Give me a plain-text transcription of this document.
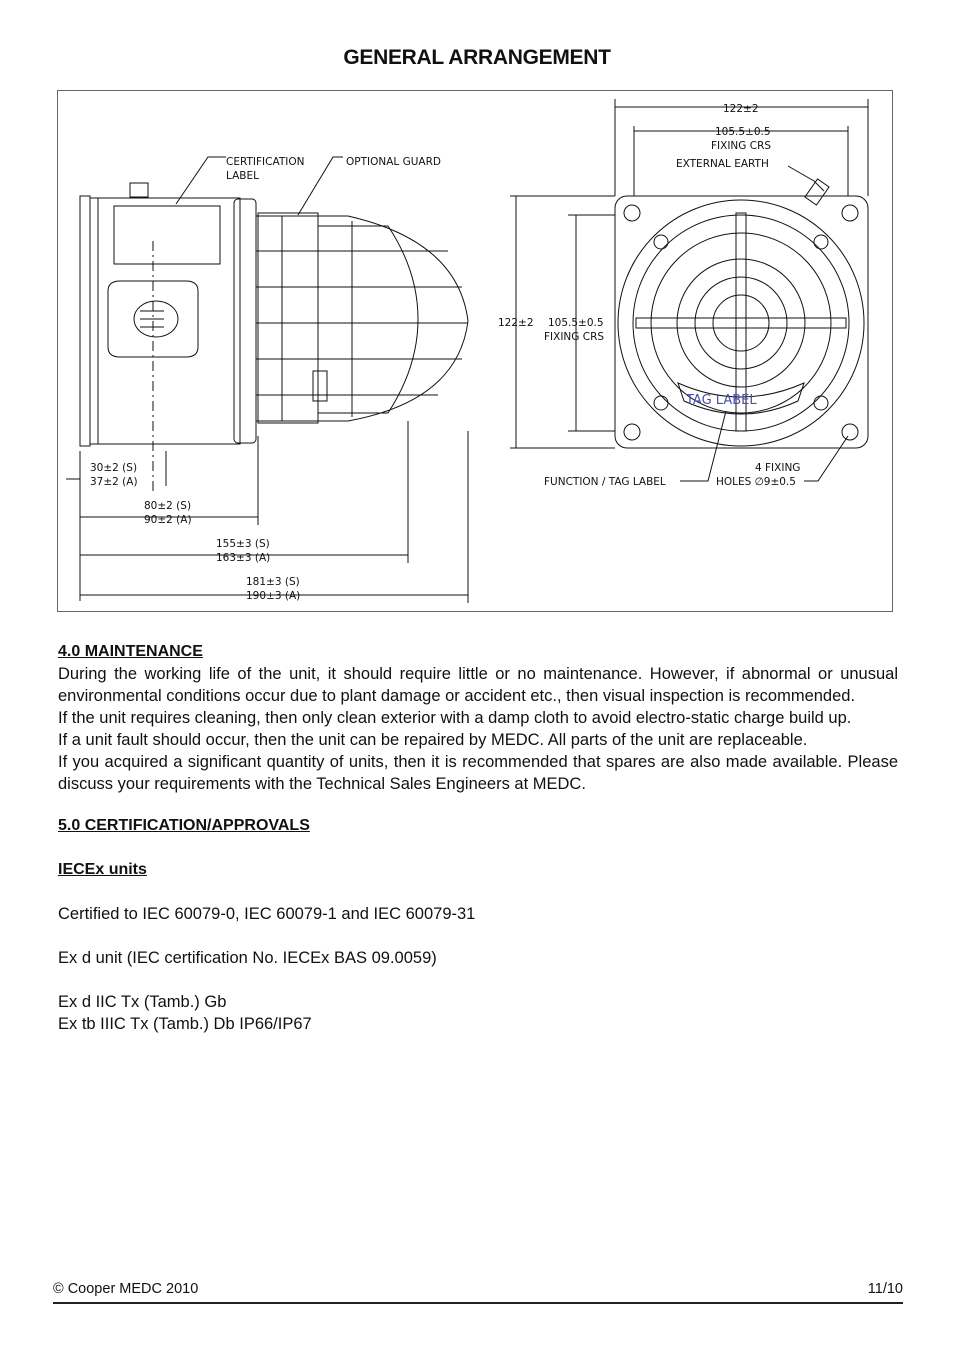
GENERAL ARRANGEMENT
CERTIFICATION
LABEL
OPTIONAL GUARD
30±2 (S)
37±2 (A)
80±2 (S)
90±2 (A)
155±3 (S)
163±3 (A)
181±3 (S)
190±3 (A)
122±2
105.5±0.5
FIXING CRS
EXTERNAL EARTH
122±2 105.5±0.5
FIXING CRS
TAG LABEL
FUNCTION / TAG LABEL
4 FIXING
HOLES ∅9±0.5
4.0 MAINTENANCE
During the working life of the unit, it should require little or no maintenance. However, if abnormal or unusual environmental conditions occur due to plant damage or accident etc., then visual inspection is recommended.
If the unit requires cleaning, then only clean exterior with a damp cloth to avoid electro-static charge build up.
If a unit fault should occur, then the unit can be repaired by MEDC. All parts of the unit are replaceable.
If you acquired a significant quantity of units, then it is recommended that spares are also made available. Please discuss your requirements with the Technical Sales Engineers at MEDC.
5.0 CERTIFICATION/APPROVALS
IECEx units
Certified to IEC 60079-0, IEC 60079-1 and IEC 60079-31
Ex d unit (IEC certification No. IECEx BAS 09.0059)
Ex d IIC Tx (Tamb.) Gb
Ex tb IIIC Tx (Tamb.) Db IP66/IP67
© Cooper MEDC 2010	11/10
